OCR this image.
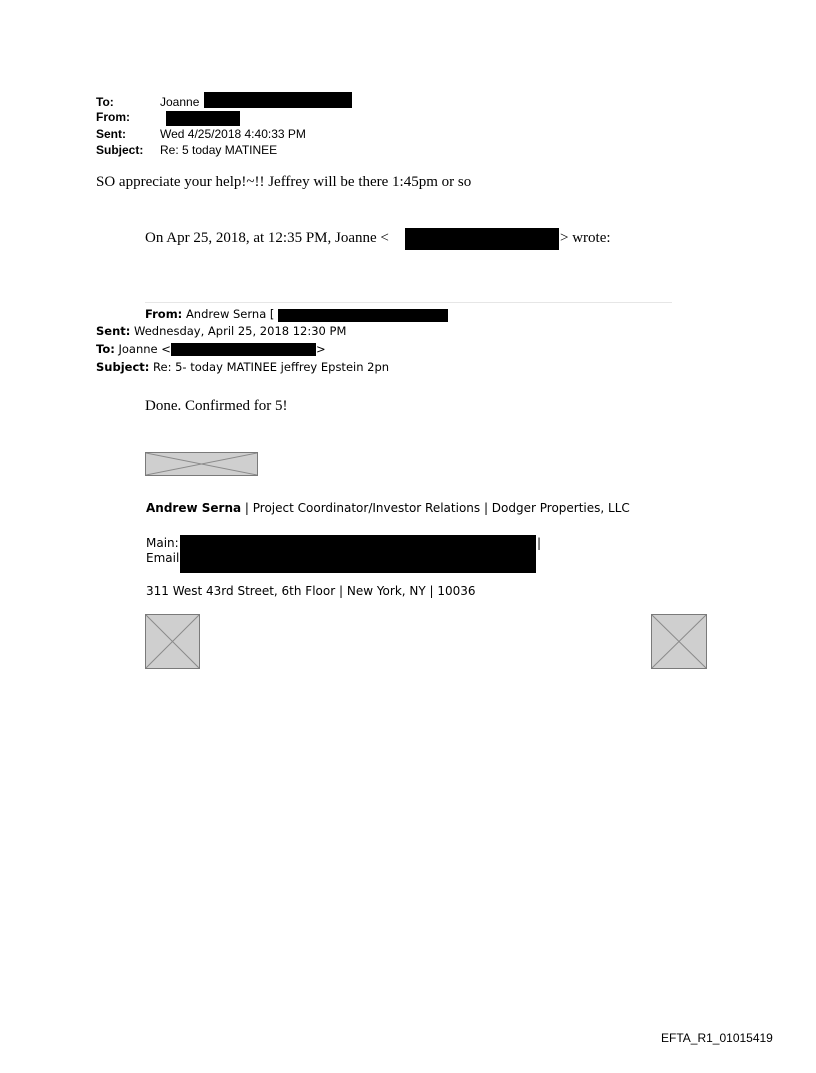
To:	Joanne
From:
Sent:	Wed 4/25/2018 4:40:33 PM
Subject: Re: 5 today MATINEE
SO appreciate your help!~!! Jeffrey will be there 1:45pm or so
On Apr 25, 2018, at 12:35 PM, Joanne <	> wrote:
From: Andrew Serna [
Sent: Wednesday, April 25, 2018 12:30 PM
To: Joanne <	>
Subject: Re: 5- today MATINEE jeffrey Epstein 2pn
Done. Confirmed for 5!
Andrew Serna | Project Coordinator/Investor Relations | Dodger Properties, LLC
Main:
Email
|
311 West 43rd Street, 6th Floor | New York, NY | 10036
EFTA_R1_01015419
